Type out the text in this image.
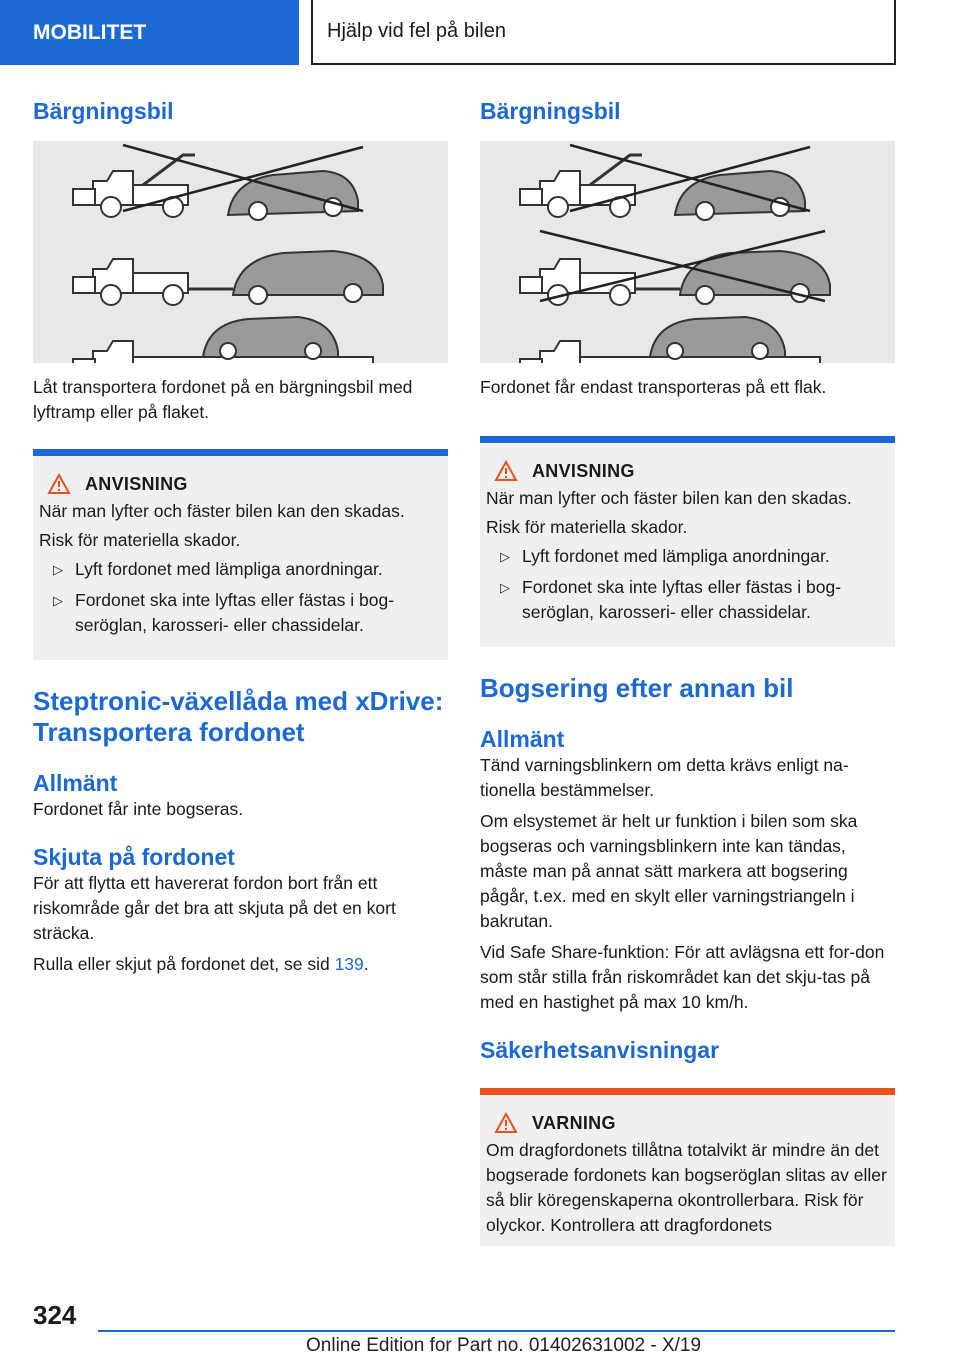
MOBILITET	Hjälp vid fel på bilen
Bärgningsbil

Låt transportera fordonet på en bärgningsbil med lyftramp eller på flaket.

ANVISNING

När man lyfter och fäster bilen kan den skadas.

Risk för materiella skador.

▷ Lyft fordonet med lämpliga anordningar.
▷ Fordonet ska inte lyftas eller fästas i bog-seröglan, karosseri- eller chassidelar.
Steptronic-växellåda med xDrive: Transportera fordonet
Allmänt

Fordonet får inte bogseras.

Skjuta på fordonet

För att flytta ett havererat fordon bort från ett riskområde går det bra att skjuta på det en kort sträcka.

Rulla eller skjut på fordonet det, se sid 139.

Bärgningsbil

Fordonet får endast transporteras på ett flak.

ANVISNING

När man lyfter och fäster bilen kan den skadas.

Risk för materiella skador.

▷ Lyft fordonet med lämpliga anordningar.
▷ Fordonet ska inte lyftas eller fästas i bog-seröglan, karosseri- eller chassidelar.
Bogsering efter annan bil
Allmänt

Tänd varningsblinkern om detta krävs enligt na-tionella bestämmelser.

Om elsystemet är helt ur funktion i bilen som ska bogseras och varningsblinkern inte kan tändas, måste man på annat sätt markera att bogsering pågår, t.ex. med en skylt eller varningstriangeln i bakrutan.

Vid Safe Share-funktion: För att avlägsna ett for-don som står stilla från riskområdet kan det skju-tas på med en hastighet på max 10 km/h.

Säkerhetsanvisningar
VARNING

Om dragfordonets tillåtna totalvikt är mindre än det bogserade fordonets kan bogseröglan slitas av eller så blir köregenskaperna okontrollerbara. Risk för olyckor. Kontrollera att dragfordonets

324
Online Edition for Part no. 01402631002 - X/19
